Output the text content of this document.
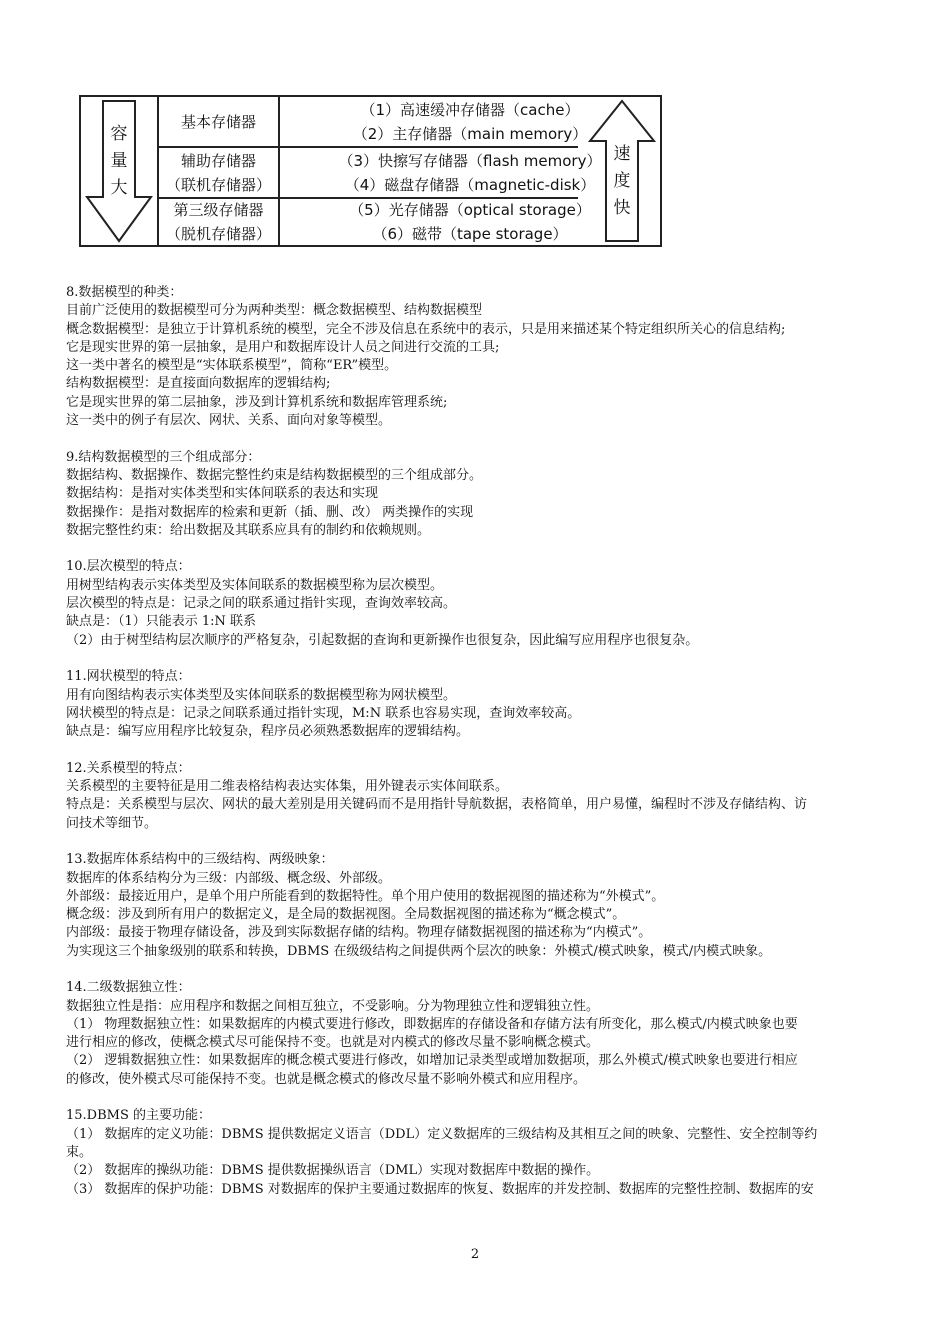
容
量
大
基本存储器
辅助存储器
（联机存储器）
第三级存储器
（脱机存储器）
（1）高速缓冲存储器（cache）
（2）主存储器（main memory）
（3）快擦写存储器（flash memory）
（4）磁盘存储器（magnetic-disk）
（5）光存储器（optical storage）
（6）磁带（tape storage）
速
度
快

8.数据模型的种类：

目前广泛使用的数据模型可分为两种类型：概念数据模型、结构数据模型

概念数据模型：是独立于计算机系统的模型，完全不涉及信息在系统中的表示，只是用来描述某个特定组织所关心的信息结构;

它是现实世界的第一层抽象，是用户和数据库设计人员之间进行交流的工具;

这一类中著名的模型是“实体联系模型”，简称“ER”模型。

结构数据模型：是直接面向数据库的逻辑结构;

它是现实世界的第二层抽象，涉及到计算机系统和数据库管理系统;

这一类中的例子有层次、网状、关系、面向对象等模型。

9.结构数据模型的三个组成部分：

数据结构、数据操作、数据完整性约束是结构数据模型的三个组成部分。

数据结构：是指对实体类型和实体间联系的表达和实现

数据操作：是指对数据库的检索和更新（插、删、改） 两类操作的实现

数据完整性约束：给出数据及其联系应具有的制约和依赖规则。

10.层次模型的特点：

用树型结构表示实体类型及实体间联系的数据模型称为层次模型。

层次模型的特点是：记录之间的联系通过指针实现，查询效率较高。

缺点是：（1）只能表示 1:N 联系

（2）由于树型结构层次顺序的严格复杂，引起数据的查询和更新操作也很复杂，因此编写应用程序也很复杂。

11.网状模型的特点：

用有向图结构表示实体类型及实体间联系的数据模型称为网状模型。

网状模型的特点是：记录之间联系通过指针实现，M:N 联系也容易实现，查询效率较高。

缺点是：编写应用程序比较复杂，程序员必须熟悉数据库的逻辑结构。

12.关系模型的特点：

关系模型的主要特征是用二维表格结构表达实体集，用外键表示实体间联系。

特点是：关系模型与层次、网状的最大差别是用关键码而不是用指针导航数据，表格简单，用户易懂，编程时不涉及存储结构、访

问技术等细节。

13.数据库体系结构中的三级结构、两级映象：

数据库的体系结构分为三级：内部级、概念级、外部级。

外部级：最接近用户，是单个用户所能看到的数据特性。单个用户使用的数据视图的描述称为“外模式”。

概念级：涉及到所有用户的数据定义，是全局的数据视图。全局数据视图的描述称为“概念模式”。

内部级：最接于物理存储设备，涉及到实际数据存储的结构。物理存储数据视图的描述称为“内模式”。

为实现这三个抽象级别的联系和转换，DBMS 在级级结构之间提供两个层次的映象：外模式/模式映象，模式/内模式映象。

14.二级数据独立性：

数据独立性是指：应用程序和数据之间相互独立，不受影响。分为物理独立性和逻辑独立性。

（1） 物理数据独立性：如果数据库的内模式要进行修改，即数据库的存储设备和存储方法有所变化，那么模式/内模式映象也要

进行相应的修改，使概念模式尽可能保持不变。也就是对内模式的修改尽量不影响概念模式。

（2） 逻辑数据独立性：如果数据库的概念模式要进行修改，如增加记录类型或增加数据项，那么外模式/模式映象也要进行相应

的修改，使外模式尽可能保持不变。也就是概念模式的修改尽量不影响外模式和应用程序。

15.DBMS 的主要功能：

（1） 数据库的定义功能：DBMS 提供数据定义语言（DDL）定义数据库的三级结构及其相互之间的映象、完整性、安全控制等约

束。

（2） 数据库的操纵功能：DBMS 提供数据操纵语言（DML）实现对数据库中数据的操作。

（3） 数据库的保护功能：DBMS 对数据库的保护主要通过数据库的恢复、数据库的并发控制、数据库的完整性控制、数据库的安

2
